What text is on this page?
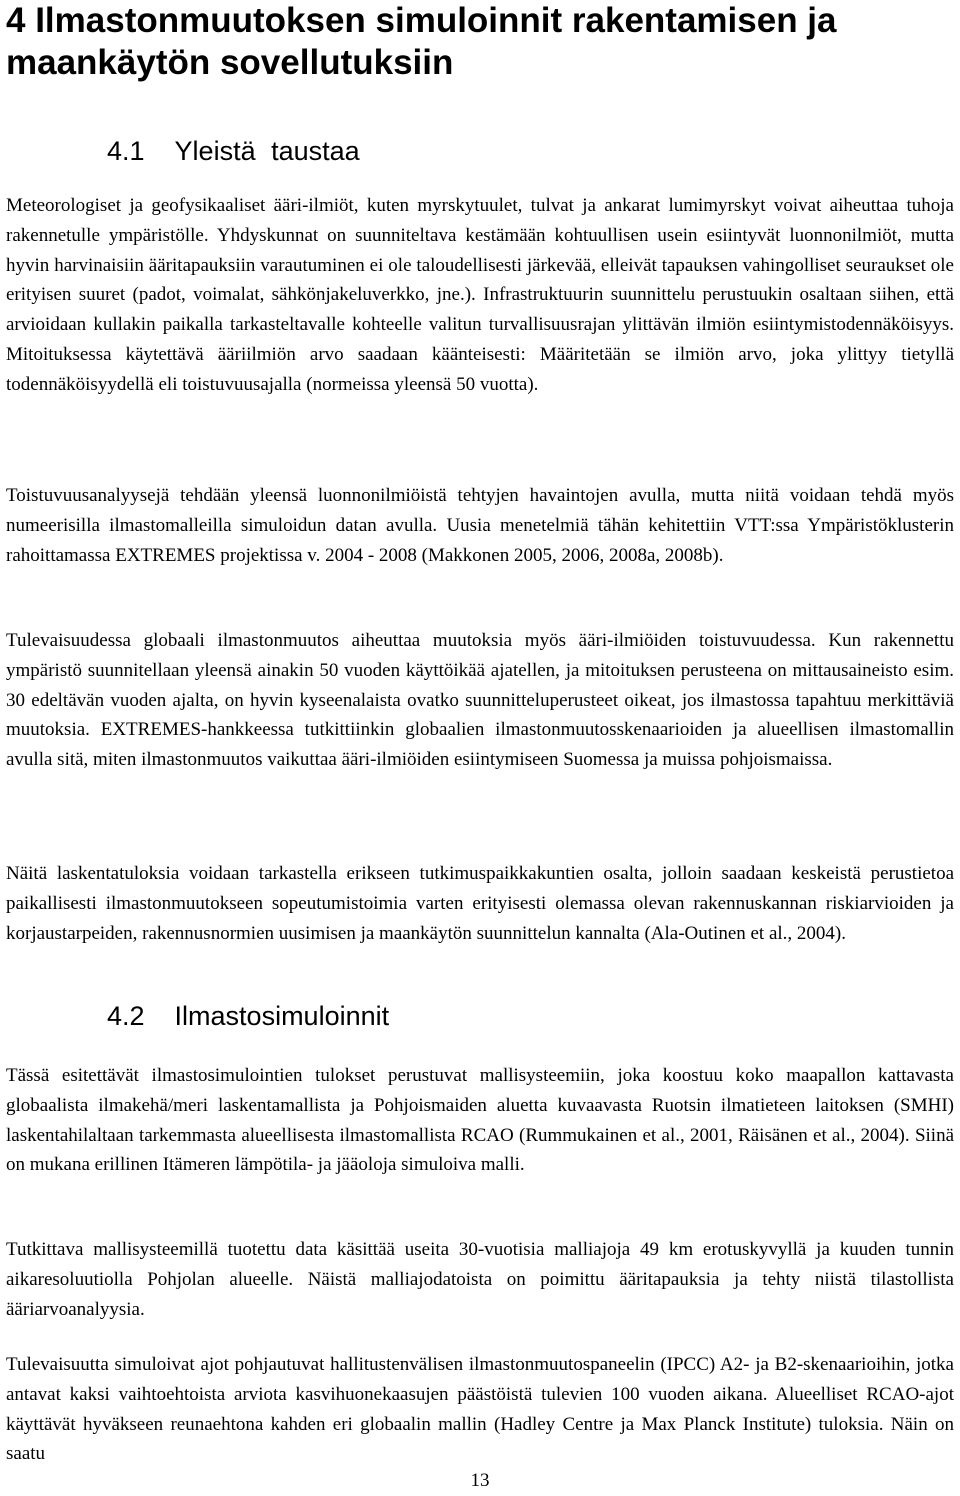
4 Ilmastonmuutoksen simuloinnit rakentamisen ja maankäytön sovellutuksiin
4.1 Yleistä taustaa

Meteorologiset ja geofysikaaliset ääri-ilmiöt, kuten myrskytuulet, tulvat ja ankarat lumimyrskyt voivat aiheuttaa tuhoja rakennetulle ympäristölle. Yhdyskunnat on suunniteltava kestämään kohtuullisen usein esiintyvät luonnonilmiöt, mutta hyvin harvinaisiin ääritapauksiin varautuminen ei ole taloudellisesti järkevää, elleivät tapauksen vahingolliset seuraukset ole erityisen suuret (padot, voimalat, sähkönjakeluverkko, jne.). Infrastruktuurin suunnittelu perustuukin osaltaan siihen, että arvioidaan kullakin paikalla tarkasteltavalle kohteelle valitun turvallisuusrajan ylittävän ilmiön esiintymistodennäköisyys. Mitoituksessa käytettävä ääriilmiön arvo saadaan käänteisesti: Määritetään se ilmiön arvo, joka ylittyy tietyllä todennäköisyydellä eli toistuvuusajalla (normeissa yleensä 50 vuotta).

Toistuvuusanalyysejä tehdään yleensä luonnonilmiöistä tehtyjen havaintojen avulla, mutta niitä voidaan tehdä myös numeerisilla ilmastomalleilla simuloidun datan avulla. Uusia menetelmiä tähän kehitettiin VTT:ssa Ympäristöklusterin rahoittamassa EXTREMES projektissa v. 2004 - 2008 (Makkonen 2005, 2006, 2008a, 2008b).

Tulevaisuudessa globaali ilmastonmuutos aiheuttaa muutoksia myös ääri-ilmiöiden toistuvuudessa. Kun rakennettu ympäristö suunnitellaan yleensä ainakin 50 vuoden käyttöikää ajatellen, ja mitoituksen perusteena on mittausaineisto esim. 30 edeltävän vuoden ajalta, on hyvin kyseenalaista ovatko suunnitteluperusteet oikeat, jos ilmastossa tapahtuu merkittäviä muutoksia. EXTREMES-hankkeessa tutkittiinkin globaalien ilmastonmuutosskenaarioiden ja alueellisen ilmastomallin avulla sitä, miten ilmastonmuutos vaikuttaa ääri-ilmiöiden esiintymiseen Suomessa ja muissa pohjoismaissa.

Näitä laskentatuloksia voidaan tarkastella erikseen tutkimuspaikkakuntien osalta, jolloin saadaan keskeistä perustietoa paikallisesti ilmastonmuutokseen sopeutumistoimia varten erityisesti olemassa olevan rakennuskannan riskiarvioiden ja korjaustarpeiden, rakennusnormien uusimisen ja maankäytön suunnittelun kannalta (Ala-Outinen et al., 2004).

4.2 Ilmastosimuloinnit

Tässä esitettävät ilmastosimulointien tulokset perustuvat mallisysteemiin, joka koostuu koko maapallon kattavasta globaalista ilmakehä/meri laskentamallista ja Pohjoismaiden aluetta kuvaavasta Ruotsin ilmatieteen laitoksen (SMHI) laskentahilaltaan tarkemmasta alueellisesta ilmastomallista RCAO (Rummukainen et al., 2001, Räisänen et al., 2004). Siinä on mukana erillinen Itämeren lämpötila- ja jääoloja simuloiva malli.

Tutkittava mallisysteemillä tuotettu data käsittää useita 30-vuotisia malliajoja 49 km erotuskyvyllä ja kuuden tunnin aikaresoluutiolla Pohjolan alueelle. Näistä malliajodatoista on poimittu ääritapauksia ja tehty niistä tilastollista ääriarvoanalyysia.

Tulevaisuutta simuloivat ajot pohjautuvat hallitustenvälisen ilmastonmuutospaneelin (IPCC) A2- ja B2-skenaarioihin, jotka antavat kaksi vaihtoehtoista arviota kasvihuonekaasujen päästöistä tulevien 100 vuoden aikana. Alueelliset RCAO-ajot käyttävät hyväkseen reunaehtona kahden eri globaalin mallin (Hadley Centre ja Max Planck Institute) tuloksia. Näin on saatu

13
